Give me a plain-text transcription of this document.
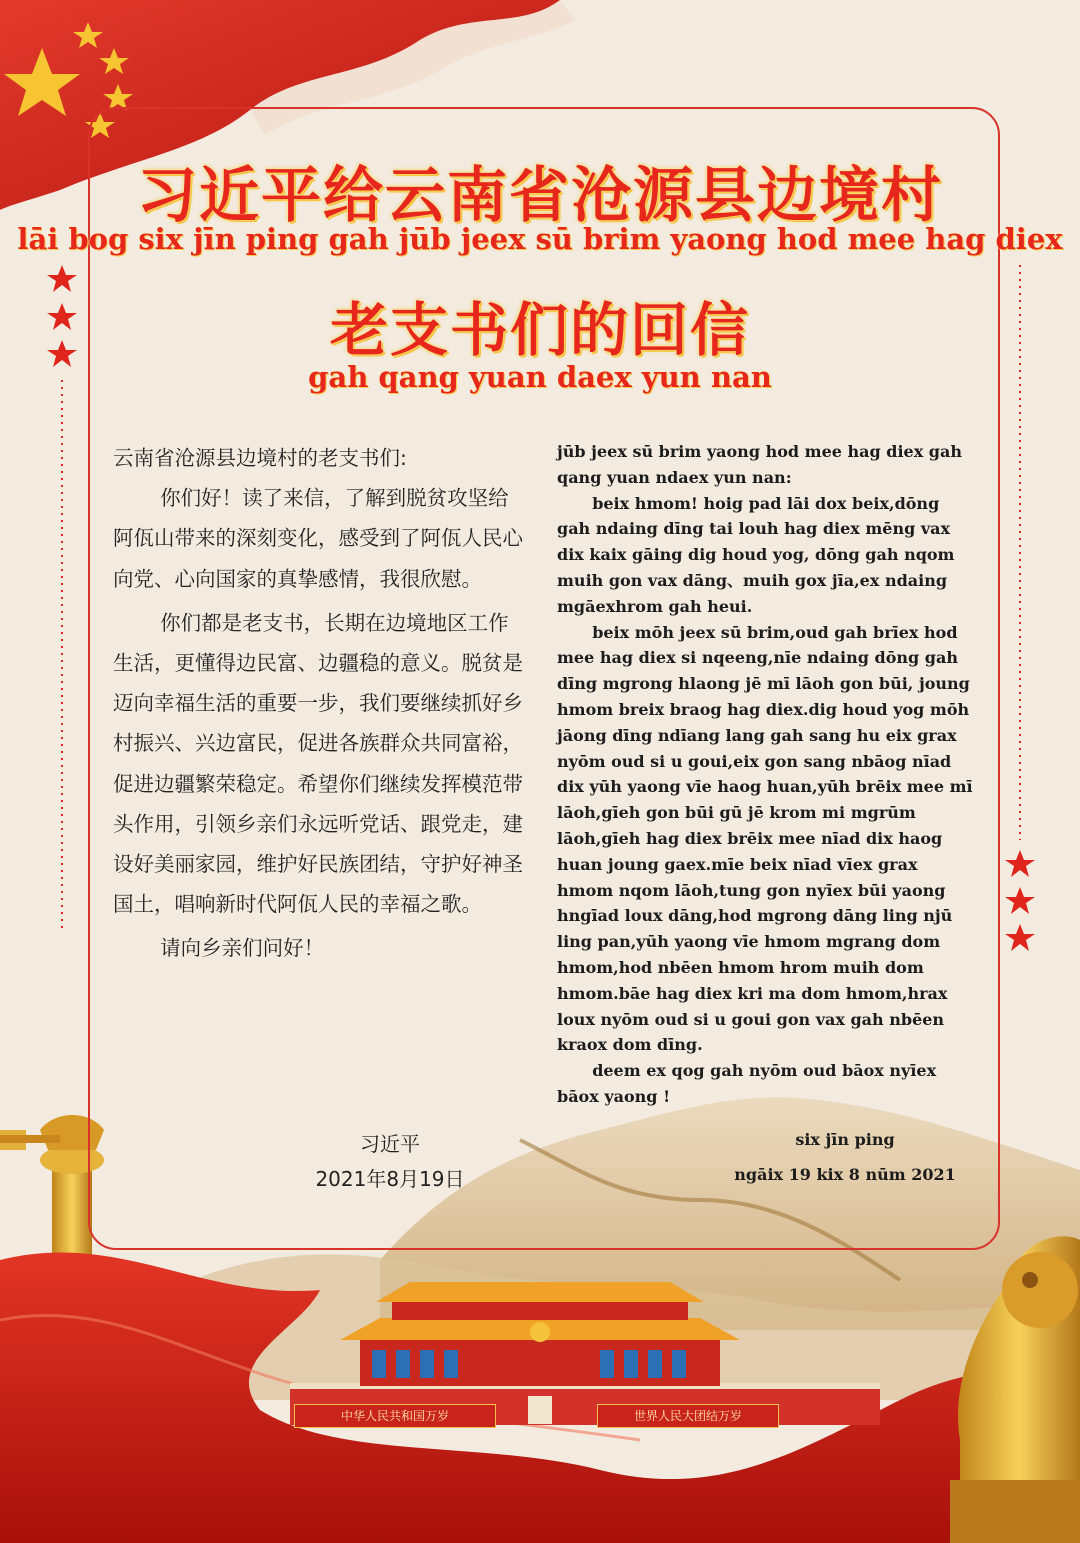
习近平给云南省沧源县边境村
lāi bog six jīn ping gah jūb jeex sū brim yaong hod mee hag diex
老支书们的回信
gah qang yuan daex yun nan

云南省沧源县边境村的老支书们:

你们好！读了来信，了解到脱贫攻坚给阿佤山带来的深刻变化，感受到了阿佤人民心向党、心向国家的真挚感情，我很欣慰。

你们都是老支书，长期在边境地区工作生活，更懂得边民富、边疆稳的意义。脱贫是迈向幸福生活的重要一步，我们要继续抓好乡村振兴、兴边富民，促进各族群众共同富裕，促进边疆繁荣稳定。希望你们继续发挥模范带头作用，引领乡亲们永远听党话、跟党走，建设好美丽家园，维护好民族团结，守护好神圣国土，唱响新时代阿佤人民的幸福之歌。

请向乡亲们问好！

jūb jeex sū brim yaong hod mee hag diex gah qang yuan ndaex yun nan:

beix hmom! hoig pad lāi dox beix,dōng gah ndaing dīng tai louh hag diex mēng vax dix kaix gāing dig houd yog, dōng gah nqom muih gon vax dāng、muih gox jīa,ex ndaing mgāexhrom gah heui.

beix mōh jeex sū brim,oud gah brīex hod mee hag diex si nqeeng,nīe ndaing dōng gah dīng mgrong hlaong jē mī lāoh gon būi, joung hmom breix braog hag diex.dig houd yog mōh jāong dīng ndīang lang gah sang hu eix grax nyōm oud si u goui,eix gon sang nbāog nīad dix yūh yaong vīe haog huan,yūh brēix mee mī lāoh,gīeh gon būi gū jē krom mi mgrūm lāoh,gīeh hag diex brēix mee nīad dix haog huan joung gaex.mīe beix nīad vīex grax hmom nqom lāoh,tung gon nyīex būi yaong hngīad loux dāng,hod mgrong dāng ling njū ling pan,yūh yaong vīe hmom mgrang dom hmom,hod nbēen hmom hrom muih dom hmom.bāe hag diex kri ma dom hmom,hrax loux nyōm oud si u goui gon vax gah nbēen kraox dom dīng.

deem ex qog gah nyōm oud bāox nyīex bāox yaong !

习近平
2021年8月19日
six jīn ping
ngāix 19 kix 8 nūm 2021
中华人民共和国万岁	世界人民大团结万岁
